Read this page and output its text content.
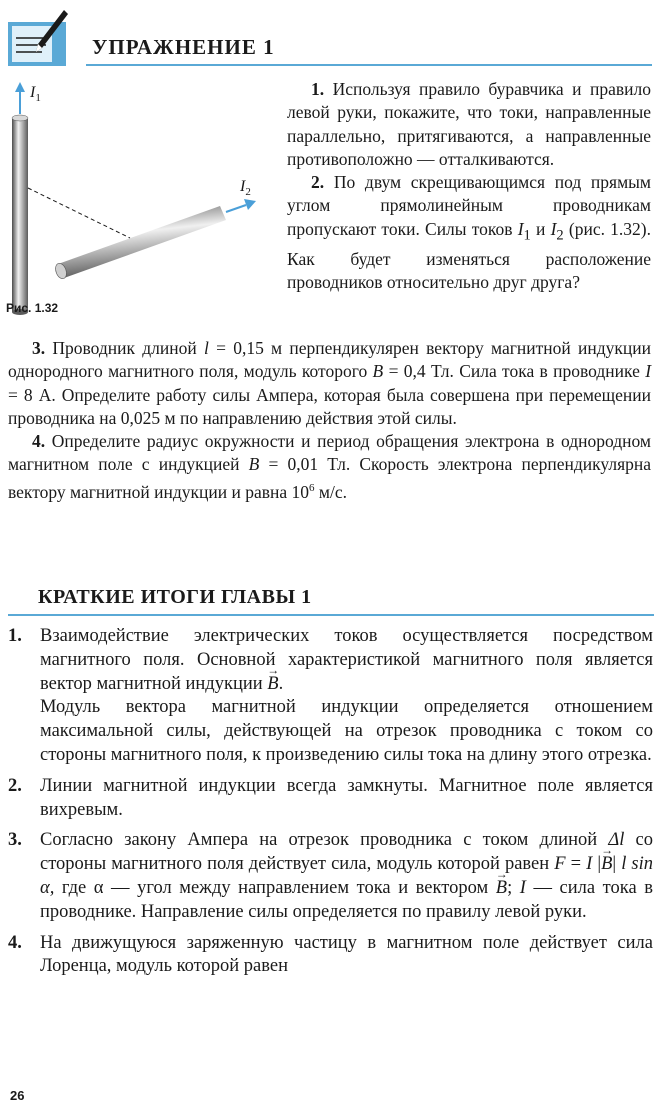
УПРАЖНЕНИЕ 1
$I_1$
$I_2$
Рис. 1.32

1. Используя правило буравчика и правило левой руки, покажите, что токи, направленные параллельно, притягиваются, а направленные противоположно — отталкиваются.

2. По двум скрещивающимся под прямым углом прямолинейным проводникам пропускают токи. Силы токов $I_1$ и $I_2$ (рис. 1.32). Как будет изменяться расположение проводников относительно друг друга?

3. Проводник длиной l = 0,15 м перпендикулярен вектору магнитной индукции однородного магнитного поля, модуль которого B = 0,4 Тл. Сила тока в проводнике I = 8 А. Определите работу силы Ампера, которая была совершена при перемещении проводника на 0,025 м по направлению действия этой силы.

4. Определите радиус окружности и период обращения электрона в однородном магнитном поле с индукцией B = 0,01 Тл. Скорость электрона перпендикулярна вектору магнитной индукции и равна $10^6$ м/с.

КРАТКИЕ ИТОГИ ГЛАВЫ 1
1. Взаимодействие электрических токов осуществляется посредством магнитного поля. Основной характеристикой магнитного поля является вектор магнитной индукции → B.

Модуль вектора магнитной индукции определяется отношением максимальной силы, действующей на отрезок проводника с током со стороны магнитного поля, к произведению силы тока на длину этого отрезка.

2. Линии магнитной индукции всегда замкнуты. Магнитное поле является вихревым.

3. Согласно закону Ампера на отрезок проводника с током длиной Δl со стороны магнитного поля действует сила, модуль которой равен F = I |→ B| l sin α, где α — угол между направлением тока и вектором → B; I — сила тока в проводнике. Направление силы определяется по правилу левой руки.

4. На движущуюся заряженную частицу в магнитном поле действует сила Лоренца, модуль которой равен

26
